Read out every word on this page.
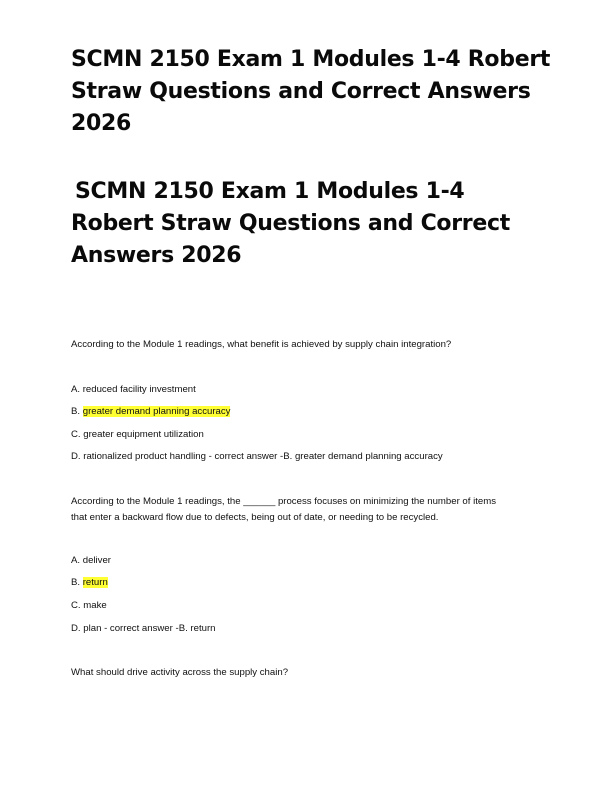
SCMN 2150 Exam 1 Modules 1-4 Robert Straw Questions and Correct Answers 2026
SCMN 2150 Exam 1 Modules 1-4 Robert Straw Questions and Correct Answers 2026
According to the Module 1 readings, what benefit is achieved by supply chain integration?
A. reduced facility investment
B. greater demand planning accuracy
C. greater equipment utilization
D. rationalized product handling - correct answer -B. greater demand planning accuracy
According to the Module 1 readings, the ______ process focuses on minimizing the number of items
that enter a backward flow due to defects, being out of date, or needing to be recycled.
A. deliver
B. return
C. make
D. plan - correct answer -B. return
What should drive activity across the supply chain?
